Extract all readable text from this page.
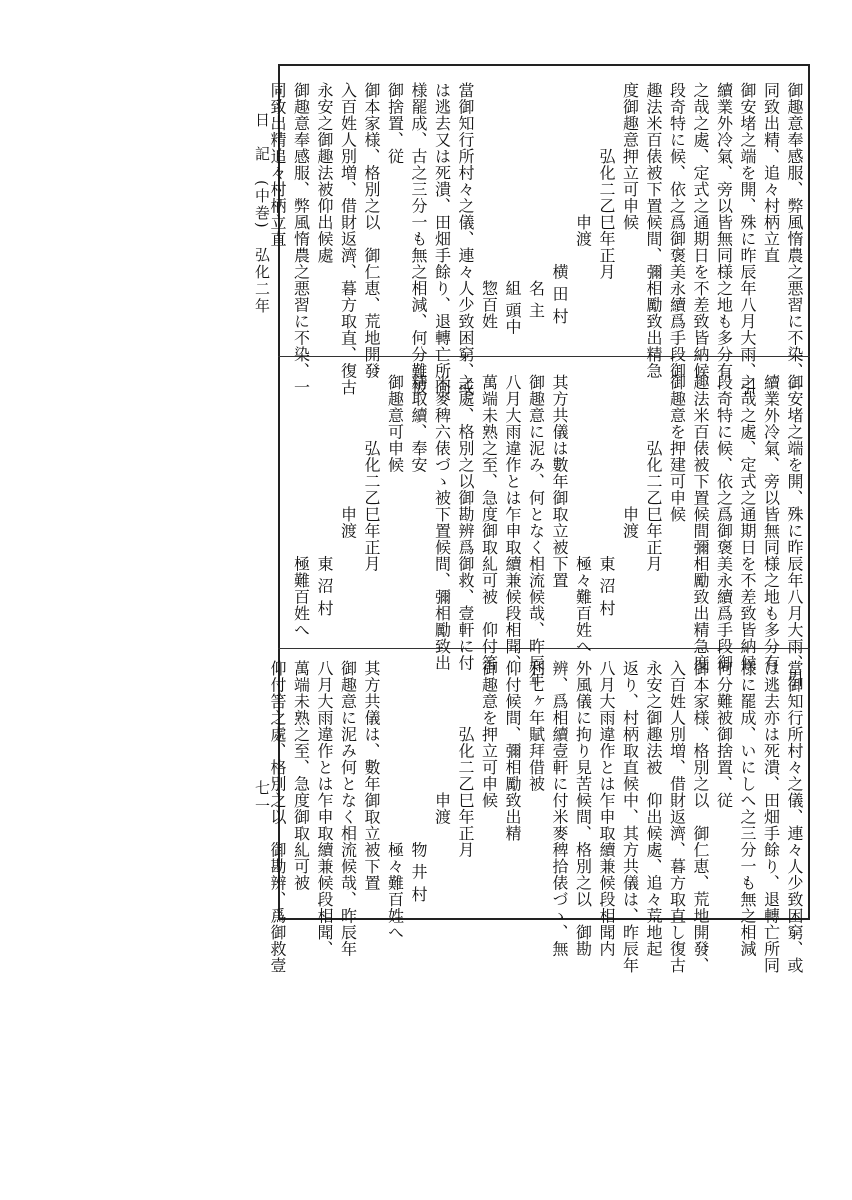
日　記　(中巻)　弘化二年
七一
御趣意奉感服、弊風惰農之悪習に不染、一
同致出精、追々村柄立直
御安堵之端を開、殊に昨辰年八月大雨、引
續業外冷氣、旁以皆無同様之地も多分有
之哉之處、定式之通期日を不差致皆納候
段奇特に候、依之爲御褒美永續爲手段御
趣法米百俵被下置候間、彌相勵致出精急
度御趣意押立可申候
　　　　弘化二乙巳年正月
　　　　　　　　申渡
　　　　　　　　　　　横 田 村
　　　　　　　　　　　　名 主
　　　　　　　　　　　　組 頭中
　　　　　　　　　　　　惣百姓
當御知行所村々之儀、連々人少致困窮、或
は逃去又は死潰、田畑手餘り、退轉亡所同
様罷成、古之三分一も無之相減、何分難被
御捨置、従
御本家様、格別之以　御仁恵、荒地開發
入百姓人別増、借財返濟、暮方取直、復古
永安之御趣法被仰出候處
御趣意奉感服、弊風惰農之悪習に不染、一
同致出精追々村柄立直
御安堵之端を開、殊に昨辰年八月大雨、引
續業外冷氣、旁以皆無同様之地も多分有
之哉之處、定式之通期日を不差致皆納候
段奇特に候、依之爲御褒美永續爲手段御
趣法米百俵被下置候間彌相勵致出精急度
御趣意を押建可申候
　　　　弘化二乙巳年正月
　　　　　　　　申渡
　　　　　　　　　　　東 沼 村
　　　　　　　　　　　極々難百姓へ
其方共儀は數年御取立被下置
御趣意に泥み、何となく相流候哉、昨辰年
八月大雨違作とは乍申取續兼候段相聞、
萬端未熟之至、急度御取糺可被　仰付筈
之處、格別之以御勘辨爲御救、壹軒に付
米麥稗六俵づゝ被下置候間、彌相勵致出
精取續、奉安
御趣意可申候
　　　　弘化二乙巳年正月
　　　　　　　　申渡
　　　　　　　　　　　東 沼 村
　　　　　　　　　　　極難百姓へ
當御知行所村々之儀、連々人少致困窮、或
は逃去亦は死潰、田畑手餘り、退轉亡所同
様に罷成、いにしへ之三分一も無之相減
何分難被御捨置、従
御本家様、格別之以　御仁恵、荒地開發、
入百姓人別増、借財返濟、暮方取直し復古
永安之御趣法被　仰出候處、追々荒地起
返り、村柄取直候中、其方共儀は、昨辰年
八月大雨違作とは乍申取續兼候段相聞内
外風儀に拘り見苦候間、格別之以　御勘
辨、爲相續壹軒に付米麥稗拾俵づゝ、無
利七ヶ年賦拜借被
仰付候間、彌相勵致出精
御趣意を押立可申候
　　　　弘化二乙巳年正月
　　　　　　　　申渡
　　　　　　　　　　　物 井 村
　　　　　　　　　　　極々難百姓へ
其方共儀は、數年御取立被下置
御趣意に泥み何となく相流候哉、昨辰年
八月大雨違作とは乍申取續兼候段相聞、
萬端未熟之至、急度御取糺可被
仰付筈之處、格別之以　御勘辨、爲御救壹
